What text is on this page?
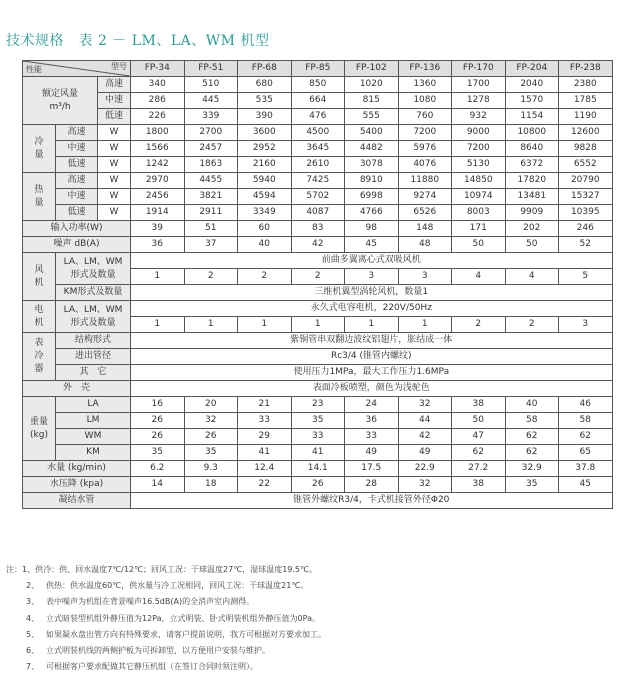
技术规格　表 2 － LM、LA、WM 机型
型号
性能			FP-34	FP-51	FP-68	FP-85	FP-102	FP-136	FP-170	FP-204	FP-238
额定风量
m³/h		高速	340	510	680	850	1020	1360	1700	2040	2380
		中速	286	445	535	664	815	1080	1278	1570	1785
		低速	226	339	390	476	555	760	932	1154	1190
冷
量	高速	W	1800	2700	3600	4500	5400	7200	9000	10800	12600
	中速	W	1566	2457	2952	3645	4482	5976	7200	8640	9828
	低速	W	1242	1863	2160	2610	3078	4076	5130	6372	6552
热
量	高速	W	2970	4455	5940	7425	8910	11880	14850	17820	20790
	中速	W	2456	3821	4594	5702	6998	9274	10974	13481	15327
	低速	W	1914	2911	3349	4087	4766	6526	8003	9909	10395
输入功率(W)			39	51	60	83	98	148	171	202	246
噪声 dB(A)			36	37	40	42	45	48	50	50	52
风
机	LA、LM、WM
形式及数量		前曲多翼离心式双吸风机								
			1	2	2	2	3	3	4	4	5
	KM形式及数量		三维机翼型涡轮风机，数量1								
电
机	LA、LM、WM
形式及数量		永久式电容电机，220V/50Hz								
			1	1	1	1	1	1	2	2	3
表
冷
器	结构形式		紫铜管串双翻边波纹铝翅片，胀结成一体								
	进出管径		Rc3/4 (锥管内螺纹)								
	其　它		使用压力1MPa，最大工作压力1.6MPa								
外　壳			表面冷板喷塑，颜色为浅驼色								
重量
(kg)	LA		16	20	21	23	24	32	38	40	46
	LM		26	32	33	35	36	44	50	58	58
	WM		26	26	29	33	33	42	47	62	62
	KM		35	35	41	41	49	49	62	62	65
水量 (kg/min)			6.2	9.3	12.4	14.1	17.5	22.9	27.2	32.9	37.8
水压降 (kpa)			14	18	22	26	28	32	38	35	45
凝结水管			锥管外螺纹R3/4，卡式机接管外径Φ20								
注：1、供冷：供、回水温度7℃/12℃；回风工况：干球温度27℃，湿球温度19.5℃。
2、 供热：供水温度60℃，供水量与冷工况相同，回风工况：干球温度21℃。
3、 表中噪声为机组在背景噪声16.5dB(A)的全消声室内测得。
4、 立式暗装型机组外静压值为12Pa，立式明装、卧式明装机组外静压值为0Pa。
5、 如果凝水盘出管方向有特殊要求，请客户提前说明，我方可根据对方要求加工。
6、 立式明装机线的两侧护板为可拆卸型，以方便用户安装与维护。
7、 可根据客户要求配做其它静压机组（在签订合同时须注明）。
